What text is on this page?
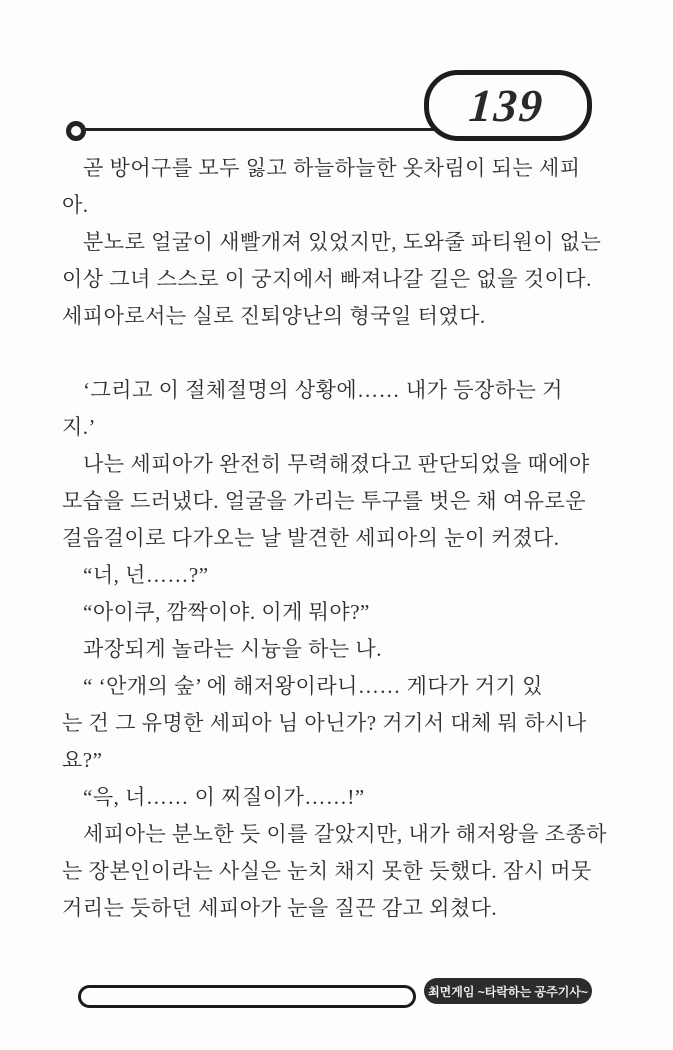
139
곧 방어구를 모두 잃고 하늘하늘한 옷차림이 되는 세피
아.
분노로 얼굴이 새빨개져 있었지만, 도와줄 파티원이 없는
이상 그녀 스스로 이 궁지에서 빠져나갈 길은 없을 것이다.
세피아로서는 실로 진퇴양난의 형국일 터였다.
‘그리고 이 절체절명의 상황에…… 내가 등장하는 거
지.’
나는 세피아가 완전히 무력해졌다고 판단되었을 때에야
모습을 드러냈다. 얼굴을 가리는 투구를 벗은 채 여유로운
걸음걸이로 다가오는 날 발견한 세피아의 눈이 커졌다.
“너, 넌……?”
“아이쿠, 깜짝이야. 이게 뭐야?”
과장되게 놀라는 시늉을 하는 나.
“ ‘안개의 숲’ 에 해저왕이라니…… 게다가 거기 있
는 건 그 유명한 세피아 님 아닌가? 거기서 대체 뭐 하시나
요?”
“윽, 너…… 이 찌질이가……!”
세피아는 분노한 듯 이를 갈았지만, 내가 해저왕을 조종하
는 장본인이라는 사실은 눈치 채지 못한 듯했다. 잠시 머뭇
거리는 듯하던 세피아가 눈을 질끈 감고 외쳤다.
최면게임 ~타락하는 공주기사~
